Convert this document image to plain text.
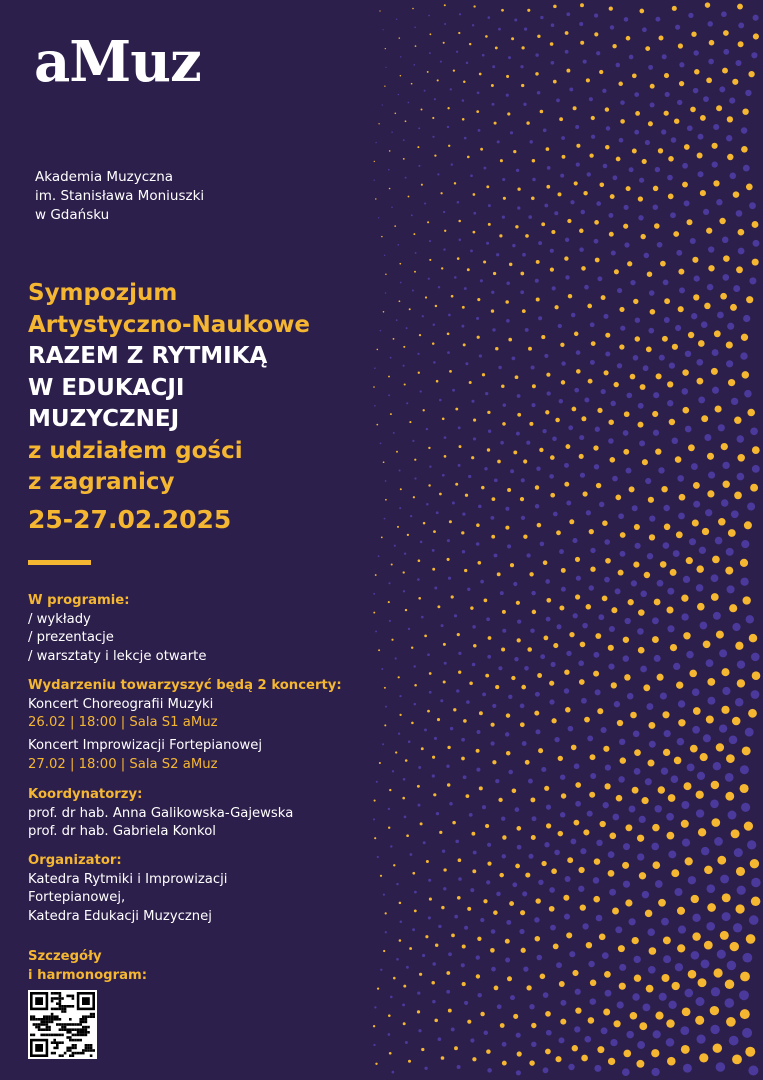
aMuz
Akademia Muzyczna
im. Stanisława Moniuszki
w Gdańsku
Sympozjum
Artystyczno-Naukowe
RAZEM Z RYTMIKĄ
W EDUKACJI
MUZYCZNEJ
z udziałem gości
z zagranicy
25-27.02.2025
W programie:
/ wykłady
/ prezentacje
/ warsztaty i lekcje otwarte
Wydarzeniu towarzyszyć będą 2 koncerty:
Koncert Choreografii Muzyki
26.02 | 18:00 | Sala S1 aMuz
Koncert Improwizacji Fortepianowej
27.02 | 18:00 | Sala S2 aMuz
Koordynatorzy:
prof. dr hab. Anna Galikowska-Gajewska
prof. dr hab. Gabriela Konkol
Organizator:
Katedra Rytmiki i Improwizacji
Fortepianowej,
Katedra Edukacji Muzycznej
Szczegóły
i harmonogram:
